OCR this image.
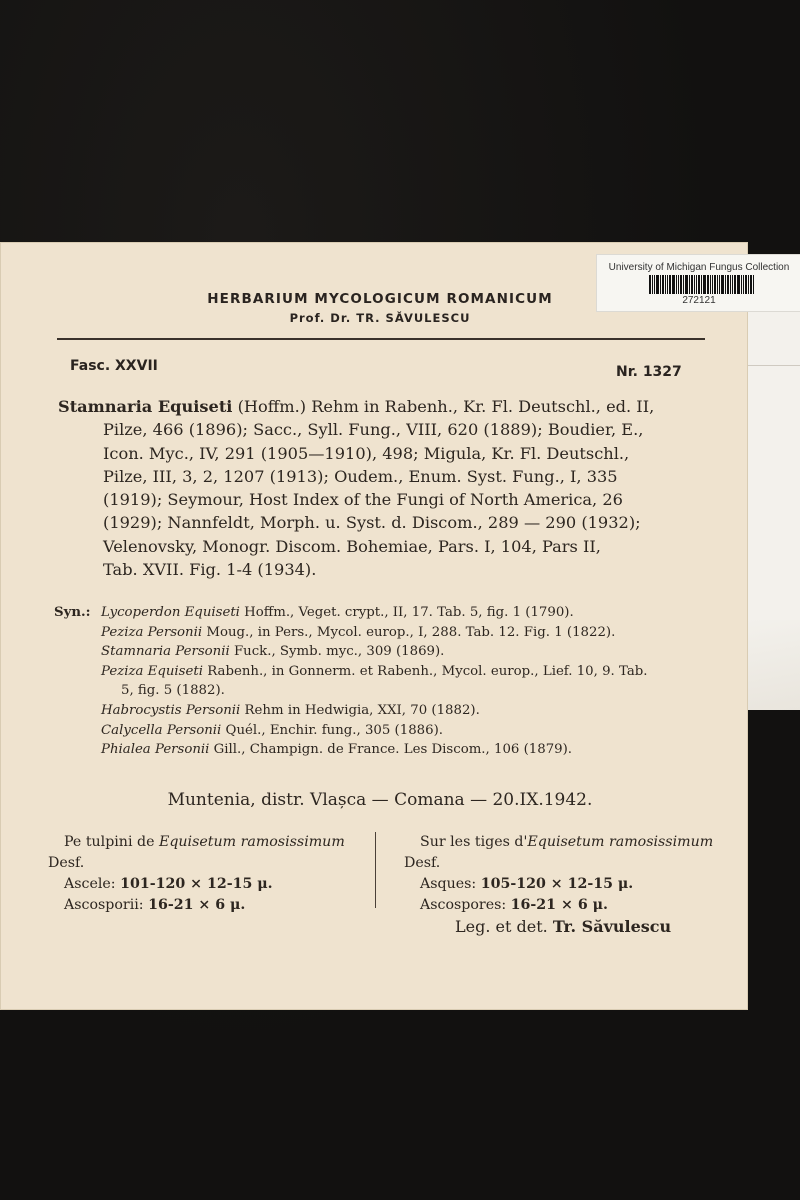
University of Michigan Fungus Collection
272121
HERBARIUM MYCOLOGICUM ROMANICUM
Prof. Dr. TR. SĂVULESCU
Fasc. XXVII	Nr. 1327
Stamnaria Equiseti (Hoffm.) Rehm in Rabenh., Kr. Fl. Deutschl., ed. II,
Pilze, 466 (1896); Sacc., Syll. Fung., VIII, 620 (1889); Boudier, E.,
Icon. Myc., IV, 291 (1905—1910), 498; Migula, Kr. Fl. Deutschl.,
Pilze, III, 3, 2, 1207 (1913); Oudem., Enum. Syst. Fung., I, 335
(1919); Seymour, Host Index of the Fungi of North America, 26
(1929); Nannfeldt, Morph. u. Syst. d. Discom., 289 — 290 (1932);
Velenovsky, Monogr. Discom. Bohemiae, Pars. I, 104, Pars II,
Tab. XVII. Fig. 1-4 (1934).
Syn.: Lycoperdon Equiseti Hoffm., Veget. crypt., II, 17. Tab. 5, fig. 1 (1790).
Peziza Personii Moug., in Pers., Mycol. europ., I, 288. Tab. 12. Fig. 1 (1822).
Stamnaria Personii Fuck., Symb. myc., 309 (1869).
Peziza Equiseti Rabenh., in Gonnerm. et Rabenh., Mycol. europ., Lief. 10, 9. Tab.
5, fig. 5 (1882).
Habrocystis Personii Rehm in Hedwigia, XXI, 70 (1882).
Calycella Personii Quél., Enchir. fung., 305 (1886).
Phialea Personii Gill., Champign. de France. Les Discom., 106 (1879).
Muntenia, distr. Vlașca — Comana — 20.IX.1942.
Pe tulpini de Equisetum ramosissimum
Desf.
Ascele: 101-120 × 12-15 μ.
Ascosporii: 16-21 × 6 μ.
Sur les tiges d'Equisetum ramosissimum
Desf.
Asques: 105-120 × 12-15 μ.
Ascospores: 16-21 × 6 μ.
Leg. et det. Tr. Săvulescu
